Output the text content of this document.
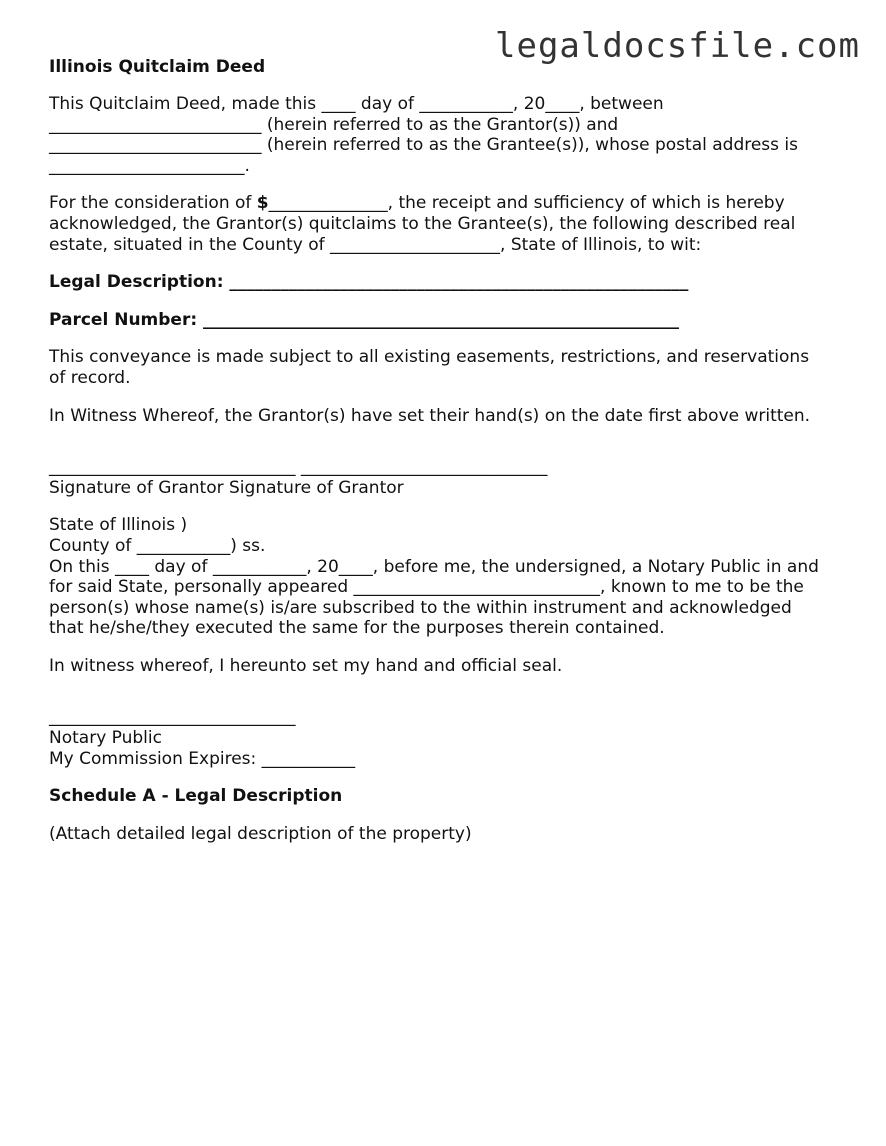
legaldocsfile.com
Illinois Quitclaim Deed
This Quitclaim Deed, made this ____ day of ___________, 20____, between
_________________________ (herein referred to as the Grantor(s)) and
_________________________ (herein referred to as the Grantee(s)), whose postal address is
_______________________.
For the consideration of $______________, the receipt and sufficiency of which is hereby
acknowledged, the Grantor(s) quitclaims to the Grantee(s), the following described real
estate, situated in the County of ____________________, State of Illinois, to wit:
Legal Description: ______________________________________________________
Parcel Number: ________________________________________________________
This conveyance is made subject to all existing easements, restrictions, and reservations
of record.
In Witness Whereof, the Grantor(s) have set their hand(s) on the date first above written.
_____________________________ _____________________________
Signature of Grantor Signature of Grantor
State of Illinois )
County of ___________) ss.
On this ____ day of ___________, 20____, before me, the undersigned, a Notary Public in and
for said State, personally appeared _____________________________, known to me to be the
person(s) whose name(s) is/are subscribed to the within instrument and acknowledged
that he/she/they executed the same for the purposes therein contained.
In witness whereof, I hereunto set my hand and official seal.
_____________________________
Notary Public
My Commission Expires: ___________
Schedule A - Legal Description
(Attach detailed legal description of the property)
